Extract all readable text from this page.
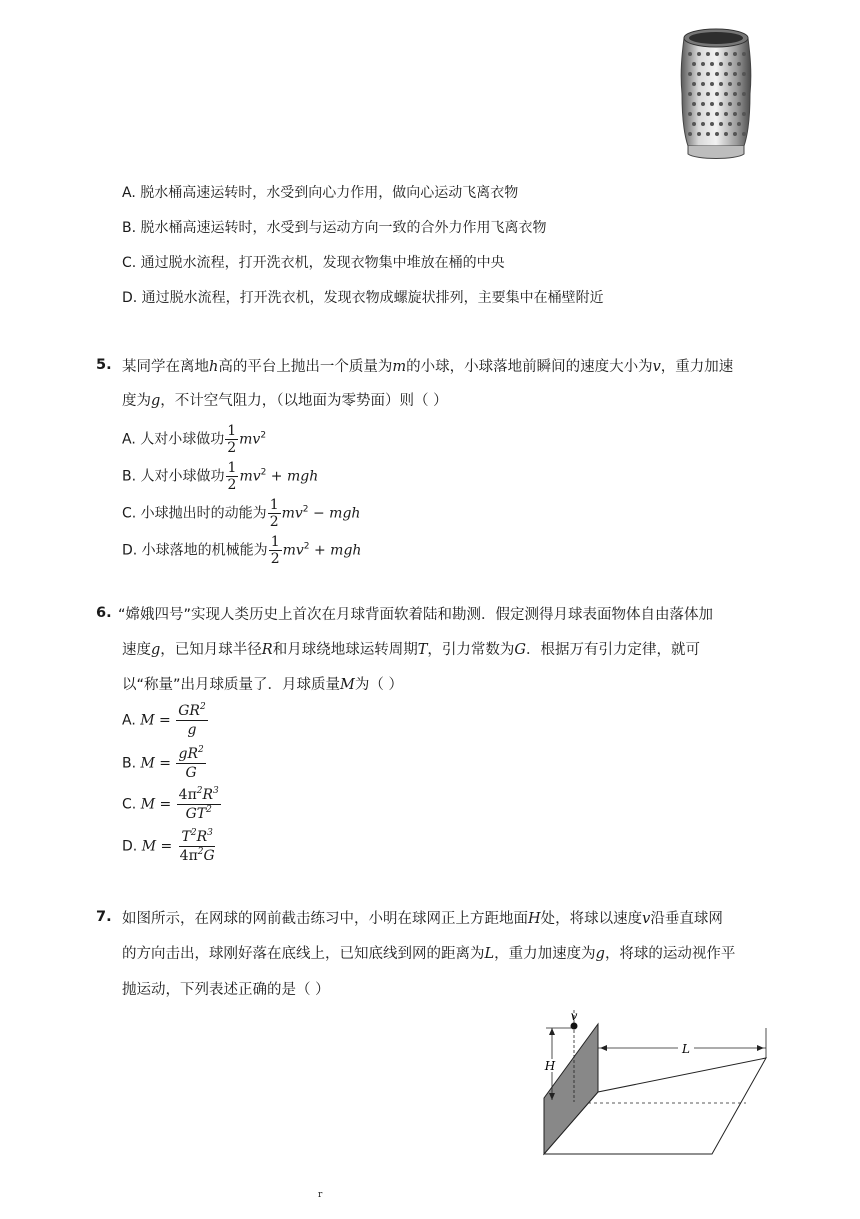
A. 脱水桶高速运转时，水受到向心力作用，做向心运动飞离衣物
B. 脱水桶高速运转时，水受到与运动方向一致的合外力作用飞离衣物
C. 通过脱水流程，打开洗衣机，发现衣物集中堆放在桶的中央
D. 通过脱水流程，打开洗衣机，发现衣物成螺旋状排列，主要集中在桶壁附近
5. 某同学在离地h高的平台上抛出一个质量为m的小球，小球落地前瞬间的速度大小为v，重力加速
度为g，不计空气阻力，（以地面为零势面）则（ ）
A. 人对小球做功 $\frac{1}{2} mv^2$
B. 人对小球做功 $\frac{1}{2} mv^2$ + mgh
C. 小球抛出时的动能为 $\frac{1}{2} mv^2$ − mgh
D. 小球落地的机械能为 $\frac{1}{2} mv^2$ + mgh
6. “嫦娥四号”实现人类历史上首次在月球背面软着陆和勘测．假定测得月球表面物体自由落体加
速度g，已知月球半径R和月球绕地球运转周期T，引力常数为G．根据万有引力定律，就可
以“称量”出月球质量了．月球质量M为（ ）
A. $M = \frac{GR^2}{g}$
B. $M = \frac{gR^2}{G}$
C. $M = \frac{4\pi^2R^3}{GT^2}$
D. $M = \frac{T^2R^3}{4\pi^2G}$
7. 如图所示，在网球的网前截击练习中，小明在球网正上方距地面H处，将球以速度v沿垂直球网
的方向击出，球刚好落在底线上，已知底线到网的距离为L，重力加速度为g，将球的运动视作平
抛运动，下列表述正确的是（ ）
v
H
L
r
